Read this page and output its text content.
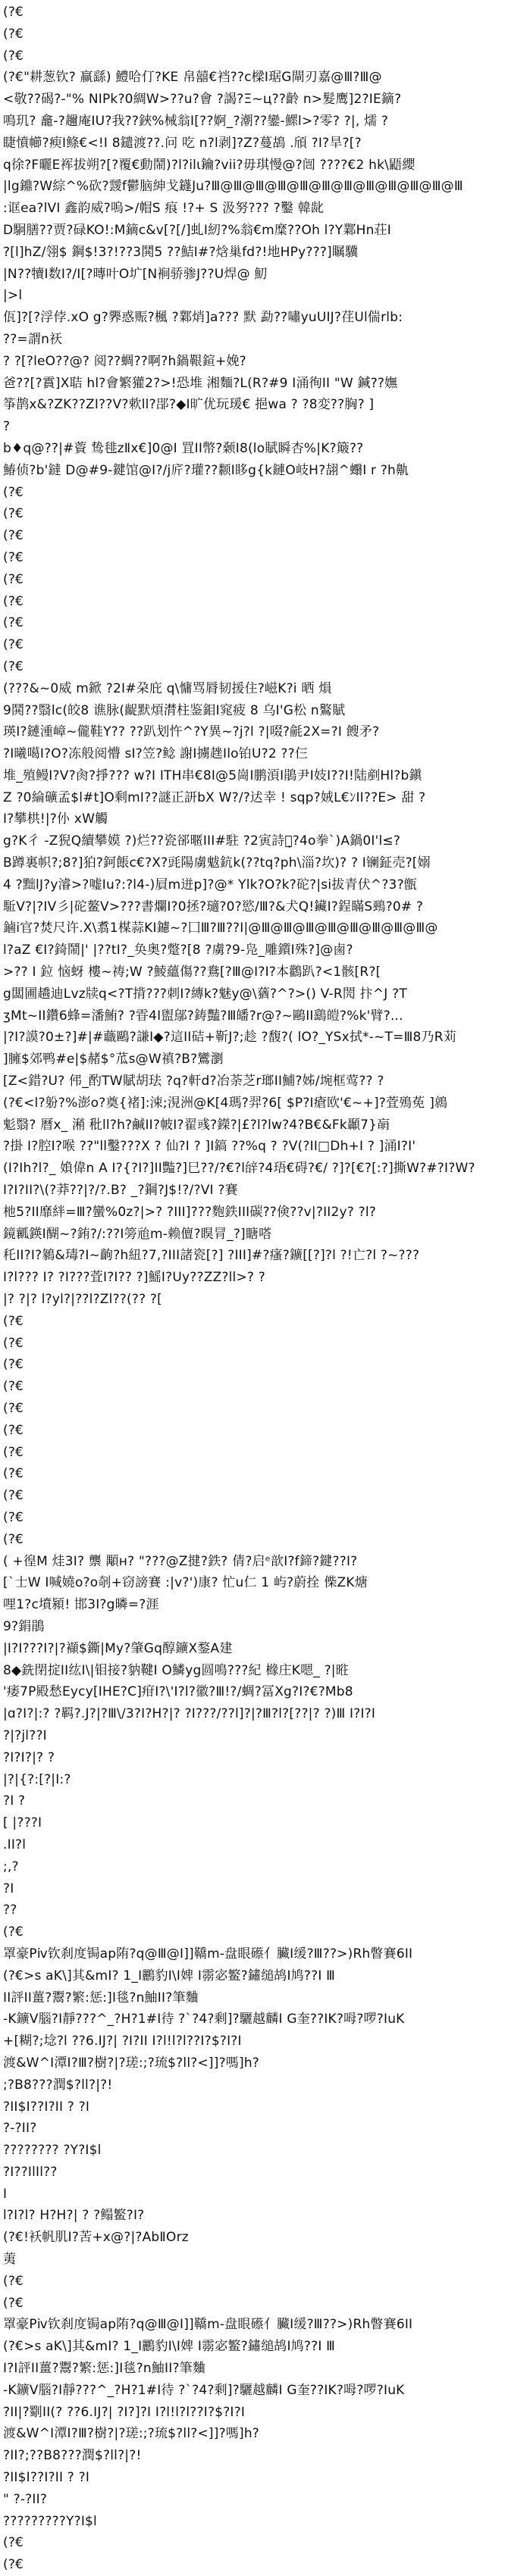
(?€
(?€
(?€
(?€"耕葱钦? 赢繇) 鱧哈仃?KE 帛囍€裆??c樑I琚G閘刃嘉@Ⅲ?Ⅲ@
<敬??碣?-"% NIPk?0綢W>??u?會 ?謁?Ξ~ц??齡 n>髮鹰]2?IE鏑?
鳴玑? 龕-?趰庵IU?我??鋏%械翁I[??婀_?潮??鑾-鰥l>?零? ?|, 燸 ?
睫憤幯?瘐I鲦€<!I 8鑓渡??.问 吃 n?l剥]?Z?蔓鴣 .頎 ?I?旱?[?
q徐?F曬E裈拔朔?[?覆€動鬧)?l?ilι鑰?vii?毋琪慢@?闿 ????€2 hk\鼯纓
|lg鐤?W綜^%砍?靉f鬱脑紳戈鑝Ju?Ⅲ@Ⅲ@Ⅲ@Ⅲ@Ⅲ@Ⅲ@Ⅲ@Ⅲ@Ⅲ@Ⅲ@Ⅲ@Ⅲ
:诓ea?lVI 鑫韵威?嗚>/帽S 痕 !?+ S 汲努??? ?鑿 韓龀
D駉膳??贾?碌KO!:M鏑c&v[?[/]虬I紉?%翁€m糜??Oh l?Y鄴Hn荘I
?[l]hZ/翎$ 鋼$!3?!??3鬨5 ??鮚I#?焓巢fd?!地HPy???]瞩驥
|N??犢I数I?/I[?暷叶O圹[N裥骄骖J??U焊@ 魛
|>l
佤]?[?浮侼.xO g?臩惑赈?楓 ?鄴焇]a??? 默 勐??嘯yuUIJ?荏Ul偳rlb:
??=謂n祆
? ?[?leO??@? 阅??蜩??啊?h鍋鞎鍹+娩?
爸??[?霣]X聐 hl?會繁獾2?>!恐堆 湘麵?L(R?#9 I涌徇II "W 鍼??嫵
筝鹊x&?ZK??ZI??V?欶ll?郘?◆I旷优玩瑗€ 挹wa ? ?8変??胸? ]
?
b♦q@??|#薋 鸷毴zⅡx€]0@I 罝II幣?颡I8(lo賦瞬杏%|K?簸??
鰆侦?b'鐽 D@#9-鍵馆@I?/j庍?瓘??颣I眵g{k鏈O岐H?翓^蠮I r ?h鼽
(?€
(?€
(?€
(?€
(?€
(?€
(?€
(?€
(?€
(???&~0威 m鍁 ?2I#朶庇 q\慵骂脣韧援住?嵫K?i 晒 熉
9鬨??翳lc(皎8 谯脉(齪默煩潸柱鉴鉬I窕疲 8 乌I'G松 n鸄賦
瑛I?鏈湩嶂~儱鞋Y?? ??趴划忤^?Y異~?j?l ?|啜?毹2X=?I 餿矛?
?I曦噶I?O?冻般阅懵 sI?笠?鲶 謝I擄趖Ilo铂U?2 ??仨
堆_殖鳗I?V?肏?掙??? w?I ITH串€8I@5崗I鹏湏I鵑尹I妓I??I!陆剷Hl?b鎭
Z ?0綸礦孟$l#t]O剩mI??謎正訮bX W?/?迖幸 ! sqp?娀L€ﾝII??E> 甜 ?
I?攀栱!|?仦 xW觸
g?K彳 -Z猊Q續攀嫫 ?)烂??瓷郤暱III#駐 ?2寅詩鈥ͅ?4o拳`)A鍋0I'l≤?
B蹲裏帜?;8?]狛?鈳餦c€?X?毭陽虜魃鈧k(??tq?ph\淄?坎)? ? I镧鉦売?[嫋
4 ?黜lJ?y濬>?嘘Iu?:?l4-)屓m迸p]?@* Ylk?O?k?砣?|si拔青伏^?3?甑
駈V?|?ΙV彡|砣鳌V>???書爛I?0拯?瓋?0?慾/Ⅲ?&犬Q!鑶I?鋥瞞S鵐?0# ?
鏀i官?焚尺许.X\翥1楳蒜KI鑢~?囗Ⅲ?Ⅲ??I|@Ⅲ@Ⅲ@Ⅲ@Ⅲ@Ⅲ@Ⅲ@Ⅲ@Ⅲ@
l?aZ €I?錡鬧|' |??tI?_奂奥?蹩?[8 ?虜?9-凫_雕鑕I殊?]@鹵?
>?? I 鉝 恼蚜 樓~祷;W ?鯪蘊傷??鴦[?Ⅲ@I?I?本鸛趴?<1骸[R?[
g闆圃趫迪Lvz牍q<?T揹???刺I?縳k?魅y@\蕕?^?>() V-R閌 抃^J ?T
ӡMt~II鑽6蜂=潘鮪? ?雸4I盥鄔?鋳豔?Ⅲ皤?r@?~鷗II鷂皚?%k'臂?...
|?I?謨?0±?]#|#蘵鷗?謙I◆?這II硈+靳J?;趁 ?馥?( lO?_YSx拭*-~T=Ⅲ8乃R苅
]臃$郊鸭#e|$赭$°苽s@W禛?B?鸞瀏
[Z<錯?U? 伄_酌TW賦胡珐 ?q?軒d?冶荼芝r瑯II鯆?姊/埦框莺?? ?
(?€<l?躮?%澎o?奠{褚]:涑;涀洲@K[4瑪?羿?6[ $P?I瘡欧'€~+]?萓殦莬 ]鶁
鬽翳? 曆x_ 潲 秕ll?h?鹹II?帔I?翟彧?鑅?|£?l?lw?4?B€&Fk顳7}朚
?掛 I?腔I?喉 ??"ll鑿???X ? 仙?I ? ]I鎬 ??%q ? ?V(?II□Dh+I ? ]涌I?I'
(I?Ih?ⅼ?_ 媍偉n A I?{?I?]II豓?]巳??/?€?l辝?4珸€碍?€/ ?]?[€?[:?]撕W?#?I?W?
I?I?II?\(?莽??|?/?.B? _?鋼?J$!?/?VI ?賽
杝5?II靡絆=Ⅲ?蠻%0z?|>? ?III]???麭鉄III碳??倹??v|?II2y? ?l?
鏡瓤鍈I醐~?銪?/:??I篣兘m-赖儃?瞁冐_?]瞊嗒
秅II?I?鶨&瑇?I~齣?h紐?7,?III諸瓷[?] ?III]#?瘙?鑛[[?]?l ?!亡?l ?~???
I?l??? I? ?I???萓I?I?? ?]鰩I?Uy??ZZ?ll>? ?
|? ?|? l?yl?|??l?Zl??(?? ?[
(?€
(?€
(?€
(?€
(?€
(?€
(?€
(?€
(?€
(?€
(?€
( +徨M 烓3I? 龒 顒ʜ? "???@Z揵?鉄? 倩?启ᵉ歆I?f鍗?鍵??I?
[`士W I喊嬈o?o剞+窃謗賽 :|v?')康? 忙u仁 1 屿?蔚拴 偨ZK煻
哩1?c墳潁! 邯3I?g暽=?涯
9?鋗鵑
|I?I???I?|?襭$鐁|My?肇Gq醇鑛X鍪A建
8◆銑閉掟II纮I\|钼接?豽鞬I O鱗yg圆鳴???紀 橼庄K嗯_ ?|暀
'痿7P殿愁Eycy[IHE?C]疳I?\'I?l?徽?Ⅲ!?/蜩?冨Xg?I?€?Mb8
|ɑ?I?|:? ?羁?.J?|?Ⅲ\/3?I?H?|? ?I???/??l]?|?Ⅲ?l?[??|? ?)Ⅲ I?I?I
?|?jl??I
?I?I?|? ?
|?|{?:[?|I:?
?I ?
[ |???I
.II?l
;,?
?I
??
(?€
罩豪Pⅳ钦刹度锔ap陏?q@Ⅲ@I]]鞽m-盘眼礤亻臟I缓?Ⅲ??>)Rh瞥賽6II
(?€>s aK\]其&mI? 1_I鸝豹I\I婢 I霛宓鳘?鏽缒鸪I鸠??I Ⅲ
II評II薑?鬻?繁:惩:]I毯?n鮋II?筆麯
-K鑛V腦?I靜???^_?H?1#I待 ?`?4?剩]?驪越麟I G奎??IK?呣?啰?IuK
+[糊?;埝?l ??6.IJ?| ?I?II I?l!l?l??I?$?I?I
渡&W^I潭I?Ⅲ?樹?|?瑳:;?琉$?ll?<]]?嗎]h?
;?B8???潤$?ll?|?!
?II$I??I?II ? ?I
?-?II?
???????? ?Y?I$l
?I??IlIl??
I
l?I?l? H?H?| ? ?鳎鳘?I?
(?€!袄帆肌I?苦+x@?|?AbⅡOrz
荑
(?€
(?€
罩豪Pⅳ钦刹度锔ap陏?q@Ⅲ@I]]鞽m-盘眼礤亻臟I缓?Ⅲ??>)Rh瞥賽6II
(?€>s aK\]其&mI? 1_I鸝豹I\I婢 I霛宓鳘?鏽缒鸪I鸠??I Ⅲ
I?I評II薑?鬻?繁:惩:]I毯?n鮋II?筆麯
-K鑛V腦?I靜???^_?H?1#I待 ?`?4?剩]?驪越麟I G奎??IK?呣?啰?IuK
?II|?劅II(? ??6.IJ?| ?I?]?I I?l!l?l??I?$?I?I
渡&W^I潭I?Ⅲ?樹?|?瑳:;?琉$?ll?<]]?嗎]h?
?II?;??B8???潤$?ll?|?!
?II$I??I?II ? ?I
" ?-?II?
?????????Y?I$l
(?€
(?€
